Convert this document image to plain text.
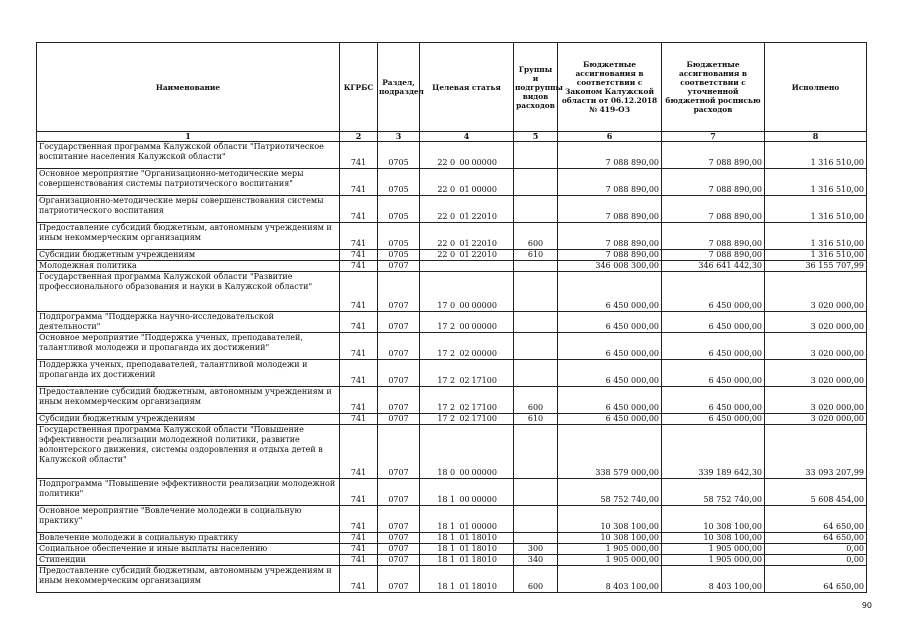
Наименование	КГРБС	Раздел, подраздел	Целевая статья	Группы и подгруппы видов расходов	Бюджетные ассигнования в соответствии с Законом Калужской области от 06.12.2018 № 419-ОЗ	Бюджетные ассигнования в соответствии с уточненной бюджетной росписью расходов	Исполнено
1	2	3	4	5	6	7	8
Государственная программа Калужской области "Патриотическое воспитание населения Калужской области"	741	0705	22 0 00 00000		7 088 890,00	7 088 890,00	1 316 510,00
Основное мероприятие "Организационно-методические меры совершенствования системы патриотического воспитания"	741	0705	22 0 01 00000		7 088 890,00	7 088 890,00	1 316 510,00
Организационно-методические меры совершенствования системы патриотического воспитания	741	0705	22 0 01 22010		7 088 890,00	7 088 890,00	1 316 510,00
Предоставление субсидий бюджетным, автономным учреждениям и иным некоммерческим организациям	741	0705	22 0 01 22010	600	7 088 890,00	7 088 890,00	1 316 510,00
Субсидии бюджетным учреждениям	741	0705	22 0 01 22010	610	7 088 890,00	7 088 890,00	1 316 510,00
Молодежная политика	741	0707			346 008 300,00	346 641 442,30	36 155 707,99
Государственная программа Калужской области "Развитие профессионального образования и науки в Калужской области"	741	0707	17 0 00 00000		6 450 000,00	6 450 000,00	3 020 000,00
Подпрограмма "Поддержка научно-исследовательской деятельности"	741	0707	17 2 00 00000		6 450 000,00	6 450 000,00	3 020 000,00
Основное мероприятие "Поддержка ученых, преподавателей, талантливой молодежи и пропаганда их достижений"	741	0707	17 2 02 00000		6 450 000,00	6 450 000,00	3 020 000,00
Поддержка ученых, преподавателей, талантливой молодежи и пропаганда их достижений	741	0707	17 2 02 17100		6 450 000,00	6 450 000,00	3 020 000,00
Предоставление субсидий бюджетным, автономным учреждениям и иным некоммерческим организациям	741	0707	17 2 02 17100	600	6 450 000,00	6 450 000,00	3 020 000,00
Субсидии бюджетным учреждениям	741	0707	17 2 02 17100	610	6 450 000,00	6 450 000,00	3 020 000,00
Государственная программа Калужской области "Повышение эффективности реализации молодежной политики, развитие волонтерского движения, системы оздоровления и отдыха детей в Калужской области"	741	0707	18 0 00 00000		338 579 000,00	339 189 642,30	33 093 207,99
Подпрограмма "Повышение эффективности реализации молодежной политики"	741	0707	18 1 00 00000		58 752 740,00	58 752 740,00	5 608 454,00
Основное мероприятие "Вовлечение молодежи в социальную практику"	741	0707	18 1 01 00000		10 308 100,00	10 308 100,00	64 650,00
Вовлечение молодежи в социальную практику	741	0707	18 1 01 18010		10 308 100,00	10 308 100,00	64 650,00
Социальное обеспечение и иные выплаты населению	741	0707	18 1 01 18010	300	1 905 000,00	1 905 000,00	0,00
Стипендии	741	0707	18 1 01 18010	340	1 905 000,00	1 905 000,00	0,00
Предоставление субсидий бюджетным, автономным учреждениям и иным некоммерческим организациям	741	0707	18 1 01 18010	600	8 403 100,00	8 403 100,00	64 650,00
90
